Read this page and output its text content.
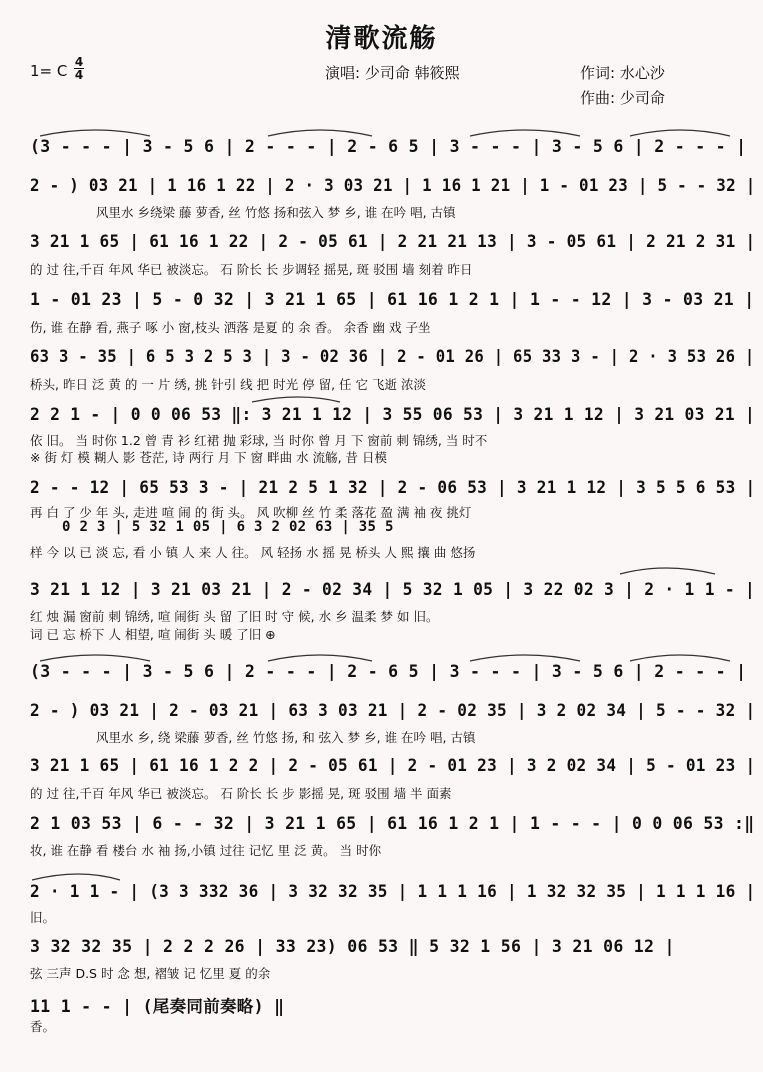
清歌流觞
1= C 4
4	演唱: 少司命 韩筱熙	作词: 水心沙
作曲: 少司命
(3 - - - | 3 - 5 6 | 2 - - - | 2 - 6 5 | 3 - - - | 3 - 5 6 | 2 - - - |
2 - ) 03 21 | 1 16 1 22 | 2 · 3 03 21 | 1 16 1 21 | 1 - 01 23 | 5 - - 32 |
风里水 乡绕梁 藤 萝香, 丝 竹悠 扬和弦入 梦 乡, 谁 在吟 唱, 古镇
3 21 1 65 | 61 16 1 22 | 2 - 05 61 | 2 21 21 13 | 3 - 05 61 | 2 21 2 31 |
的 过 往,千百 年风 华已 被淡忘。 石 阶长 长 步调轻 摇晃, 斑 驳围 墙 刻着 昨日
1 - 01 23 | 5 - 0 32 | 3 21 1 65 | 61 16 1 2 1 | 1 - - 12 | 3 - 03 21 |
伤, 谁 在静 看, 燕子 啄 小 窗,枝头 洒落 是夏 的 余 香。 余香 幽 戏 子坐
63 3 - 35 | 6 5 3 2 5 3 | 3 - 02 36 | 2 - 01 26 | 65 33 3 - | 2 · 3 53 26 |
桥头, 昨日 泛 黄 的 一 片 绣, 挑 针引 线 把 时光 停 留, 任 它 飞逝 浓淡
2 2 1 - | 0 0 06 53 ‖: 3 21 1 12 | 3 55 06 53 | 3 21 1 12 | 3 21 03 21 |
依 旧。 当 时你 1.2 曾 青 衫 红裙 抛 彩球, 当 时你 曾 月 下 窗前 刺 锦绣, 当 时不
※ 街 灯 模 糊人 影 苍茫, 诗 两行 月 下 窗 畔曲 水 流觞, 昔 日模
2 - - 12 | 65 53 3 - | 21 2 5 1 32 | 2 - 06 53 | 3 21 1 12 | 3 5 5 6 53 |
再 白 了 少 年 头, 走进 喧 闹 的 街 头。 风 吹柳 丝 竹 柔 落花 盈 满 袖 夜 挑灯
0 2 3 | 5 32 1 05 | 6 3 2 02 63 | 35 5
样 今 以 已 淡 忘, 看 小 镇 人 来 人 往。 风 轻扬 水 摇 晃 桥头 人 熙 攘 曲 悠扬
3 21 1 12 | 3 21 03 21 | 2 - 02 34 | 5 32 1 05 | 3 22 02 3 | 2 · 1 1 - |
红 烛 漏 窗前 刺 锦绣, 喧 闹街 头 留 了旧 时 守 候, 水 乡 温柔 梦 如 旧。
词 已 忘 桥下 人 相望, 喧 闹街 头 暖 了旧 ⊕
(3 - - - | 3 - 5 6 | 2 - - - | 2 - 6 5 | 3 - - - | 3 - 5 6 | 2 - - - |
2 - ) 03 21 | 2 - 03 21 | 63 3 03 21 | 2 - 02 35 | 3 2 02 34 | 5 - - 32 |
风里水 乡, 绕 梁藤 萝香, 丝 竹悠 扬, 和 弦入 梦 乡, 谁 在吟 唱, 古镇
3 21 1 65 | 61 16 1 2 2 | 2 - 05 61 | 2 - 01 23 | 3 2 02 34 | 5 - 01 23 |
的 过 往,千百 年风 华已 被淡忘。 石 阶长 长 步 影摇 晃, 斑 驳围 墙 半 面素
2 1 03 53 | 6 - - 32 | 3 21 1 65 | 61 16 1 2 1 | 1 - - - | 0 0 06 53 :‖
妆, 谁 在静 看 楼台 水 袖 扬,小镇 过往 记忆 里 泛 黄。 当 时你
2 · 1 1 - | (3 3 332 36 | 3 32 32 35 | 1 1 1 16 | 1 32 32 35 | 1 1 1 16 |
旧。
3 32 32 35 | 2 2 2 26 | 33 23) 06 53 ‖ 5 32 1 56 | 3 21 06 12 |
弦 三声 D.S 时 念 想, 褶皱 记 忆里 夏 的余
11 1 - - | (尾奏同前奏略) ‖
香。
